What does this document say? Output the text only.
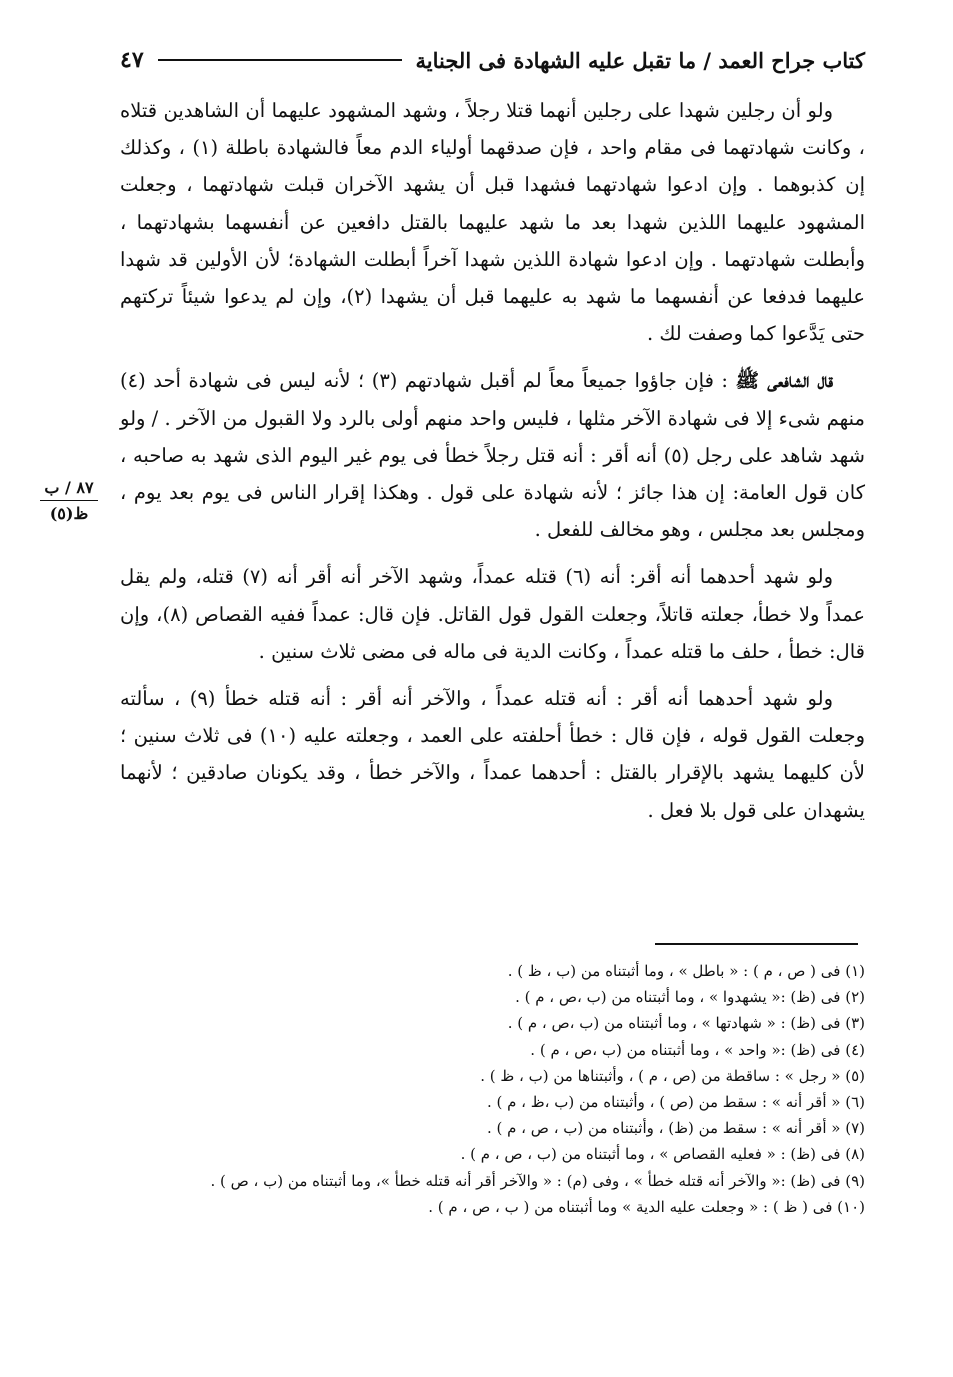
كتاب جراح العمد / ما تقبل عليه الشهادة فى الجناية
٤٧
٨٧ / ب
ظ(٥)

ولو أن رجلين شهدا على رجلين أنهما قتلا رجلاً ، وشهد المشهود عليهما أن الشاهدين قتلاه ، وكانت شهادتهما فى مقام واحد ، فإن صدقهما أولياء الدم معاً فالشهادة باطلة (١) ، وكذلك إن كذبوهما . وإن ادعوا شهادتهما فشهدا قبل أن يشهد الآخران قبلت شهادتهما ، وجعلت المشهود عليهما اللذين شهدا بعد ما شهد عليهما بالقتل دافعين عن أنفسهما بشهادتهما ، وأبطلت شهادتهما . وإن ادعوا شهادة اللذين شهدا آخراً أبطلت الشهادة؛ لأن الأولين قد شهدا عليهما فدفعا عن أنفسهما ما شهد به عليهما قبل أن يشهدا (٢)، وإن لم يدعوا شيئاً تركتهم حتى يَدَّعوا كما وصفت لك .

قال الشافعى ﷺ : فإن جاؤوا جميعاً معاً لم أقبل شهادتهم (٣) ؛ لأنه ليس فى شهادة أحد (٤) منهم شىء إلا فى شهادة الآخر مثلها ، فليس واحد منهم أولى بالرد ولا القبول من الآخر . / ولو شهد شاهد على رجل (٥) أنه أقر : أنه قتل رجلاً خطأ فى يوم غير اليوم الذى شهد به صاحبه ، كان قول العامة: إن هذا جائز ؛ لأنه شهادة على قول . وهكذا إقرار الناس فى يوم بعد يوم ، ومجلس بعد مجلس ، وهو مخالف للفعل .

ولو شهد أحدهما أنه أقر: أنه (٦) قتله عمداً، وشهد الآخر أنه أقر أنه (٧) قتله، ولم يقل عمداً ولا خطأ، جعلته قاتلاً، وجعلت القول قول القاتل. فإن قال: عمداً ففيه القصاص (٨)، وإن قال: خطأ ، حلف ما قتله عمداً ، وكانت الدية فى ماله فى مضى ثلاث سنين .

ولو شهد أحدهما أنه أقر : أنه قتله عمداً ، والآخر أنه أقر : أنه قتله خطأ (٩) ، سألته وجعلت القول قوله ، فإن قال : خطأ أحلفته على العمد ، وجعلته عليه (١٠) فى ثلاث سنين ؛ لأن كليهما يشهد بالإقرار بالقتل : أحدهما عمداً ، والآخر خطأ ، وقد يكونان صادقين ؛ لأنهما يشهدان على قول بلا فعل .

(١) فى ( ص ، م ) : « باطل » ، وما أثبتناه من (ب ، ظ ) .

(٢) فى (ظ) :« يشهدوا » ، وما أثبتناه من (ب ،ص ، م ) .

(٣) فى (ظ) : « شهادتها » ، وما أثبتناه من (ب ،ص ، م ) .

(٤) فى (ظ) :« واحد » ، وما أثبتناه من (ب ،ص ، م ) .

(٥) « رجل » : ساقطة من (ص ، م ) ، وأثبتناها من (ب ، ظ ) .

(٦) « أقر أنه » : سقط من (ص ) ، وأثبتناه من (ب ،ظ ، م ) .

(٧) « أقر أنه » : سقط من (ظ) ، وأثبتناه من (ب ، ص ، م ) .

(٨) فى (ظ) : « فعليه القصاص » ، وما أثبتناه من (ب ، ص ، م ) .

(٩) فى (ظ) :« والآخر أنه قتله خطأ » ، وفى (م) : « والآخر أقر أنه قتله خطأ »، وما أثبتناه من (ب ، ص ) .

(١٠) فى ( ظ ) : « وجعلت عليه الدية » وما أثبتناه من ( ب ، ص ، م ) .
